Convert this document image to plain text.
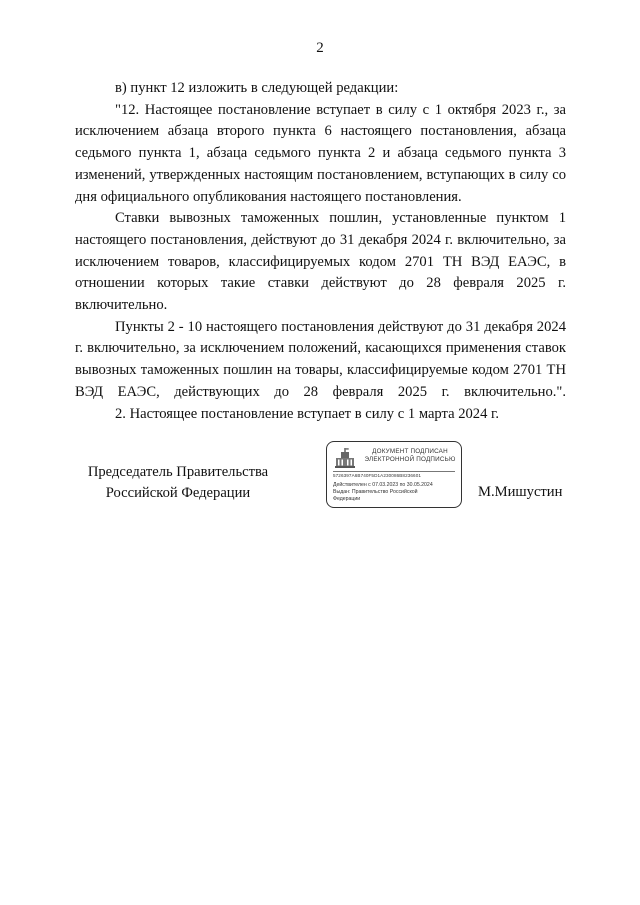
2

в) пункт 12 изложить в следующей редакции:

"12. Настоящее постановление вступает в силу с 1 октября 2023 г., за исключением абзаца второго пункта 6 настоящего постановления, абзаца седьмого пункта 1, абзаца седьмого пункта 2 и абзаца седьмого пункта 3 изменений, утвержденных настоящим постановлением, вступающих в силу со дня официального опубликования настоящего постановления.

Ставки вывозных таможенных пошлин, установленные пунктом 1 настоящего постановления, действуют до 31 декабря 2024 г. включительно, за исключением товаров, классифицируемых кодом 2701 ТН ВЭД ЕАЭС, в отношении которых такие ставки действуют до 28 февраля 2025 г. включительно.

Пункты 2 - 10 настоящего постановления действуют до 31 декабря 2024 г. включительно, за исключением положений, касающихся применения ставок вывозных таможенных пошлин на товары, классифицируемые кодом 2701 ТН ВЭД ЕАЭС, действующих до 28 февраля 2025 г. включительно.".

2. Настоящее постановление вступает в силу с 1 марта 2024 г.

Председатель Правительства
Российской Федерации
ДОКУМЕНТ ПОДПИСАН
ЭЛЕКТРОННОЙ ПОДПИСЬЮ
5726397A6B740F5D1A230086B8236601
Действителен с 07.03.2023 по 30.05.2024
Выдан: Правительство Российской
Федерации	М.Мишустин
